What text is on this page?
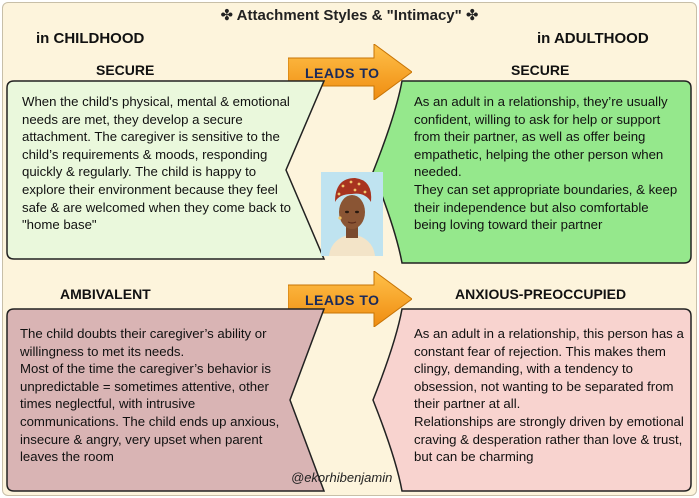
✤ Attachment Styles & "Intimacy" ✤
in CHILDHOOD	in ADULTHOOD
SECURE	SECURE
LEADS TO
When the child's physical, mental & emotional needs are met, they develop a secure attachment. The caregiver is sensitive to the child’s requirements & moods, responding quickly & regularly. The child is happy to explore their environment because they feel safe & are welcomed when they come back to "home base"
As an adult in a relationship, they’re usually confident, willing to ask for help or support from their partner, as well as offer being empathetic, helping the other person when needed.
They can set appropriate boundaries, & keep their independence but also comfortable being loving toward their partner
AMBIVALENT	ANXIOUS-PREOCCUPIED
LEADS TO
The child doubts their caregiver’s ability or willingness to met its needs.
Most of the time the caregiver’s behavior is unpredictable = sometimes attentive, other times neglectful, with intrusive communications. The child ends up anxious, insecure & angry, very upset when parent leaves the room
As an adult in a relationship, this person has a constant fear of rejection. This makes them clingy, demanding, with a tendency to obsession, not wanting to be separated from their partner at all.
Relationships are strongly driven by emotional craving & desperation rather than love & trust, but can be charming
@ekorhibenjamin
